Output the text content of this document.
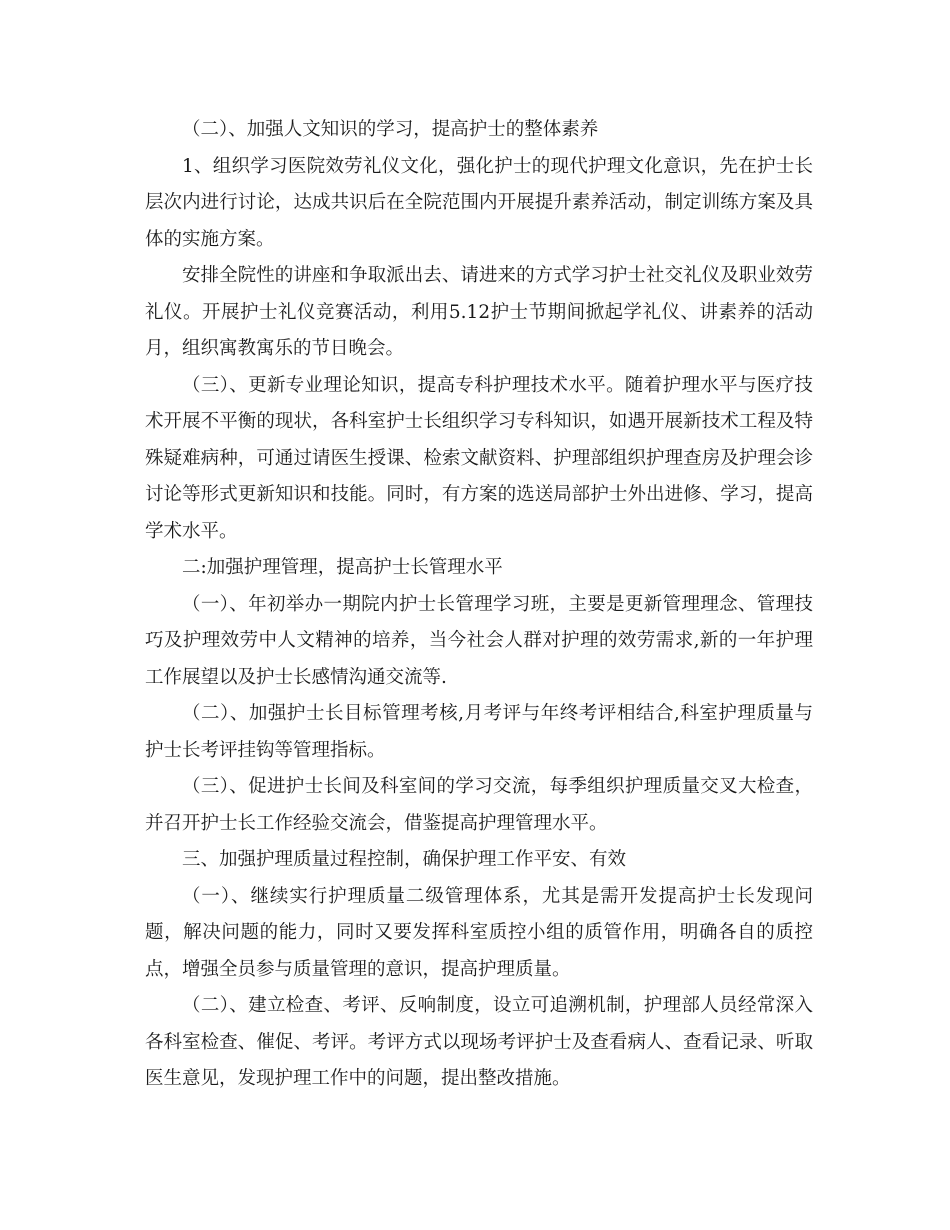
（二）、加强人文知识的学习，提高护士的整体素养

1、组织学习医院效劳礼仪文化，强化护士的现代护理文化意识，先在护士长层次内进行讨论，达成共识后在全院范围内开展提升素养活动，制定训练方案及具体的实施方案。

安排全院性的讲座和争取派出去、请进来的方式学习护士社交礼仪及职业效劳礼仪。开展护士礼仪竞赛活动，利用5.12护士节期间掀起学礼仪、讲素养的活动月，组织寓教寓乐的节日晚会。

（三）、更新专业理论知识，提高专科护理技术水平。随着护理水平与医疗技术开展不平衡的现状，各科室护士长组织学习专科知识，如遇开展新技术工程及特殊疑难病种，可通过请医生授课、检索文献资料、护理部组织护理查房及护理会诊讨论等形式更新知识和技能。同时，有方案的选送局部护士外出进修、学习，提高学术水平。

二:加强护理管理，提高护士长管理水平

（一）、年初举办一期院内护士长管理学习班，主要是更新管理理念、管理技巧及护理效劳中人文精神的培养，当今社会人群对护理的效劳需求,新的一年护理工作展望以及护士长感情沟通交流等.

（二）、加强护士长目标管理考核,月考评与年终考评相结合,科室护理质量与护士长考评挂钩等管理指标。

（三）、促进护士长间及科室间的学习交流，每季组织护理质量交叉大检查，并召开护士长工作经验交流会，借鉴提高护理管理水平。

三、加强护理质量过程控制，确保护理工作平安、有效

（一）、继续实行护理质量二级管理体系，尤其是需开发提高护士长发现问题，解决问题的能力，同时又要发挥科室质控小组的质管作用，明确各自的质控点，增强全员参与质量管理的意识，提高护理质量。

（二）、建立检查、考评、反响制度，设立可追溯机制，护理部人员经常深入各科室检查、催促、考评。考评方式以现场考评护士及查看病人、查看记录、听取医生意见，发现护理工作中的问题，提出整改措施。
